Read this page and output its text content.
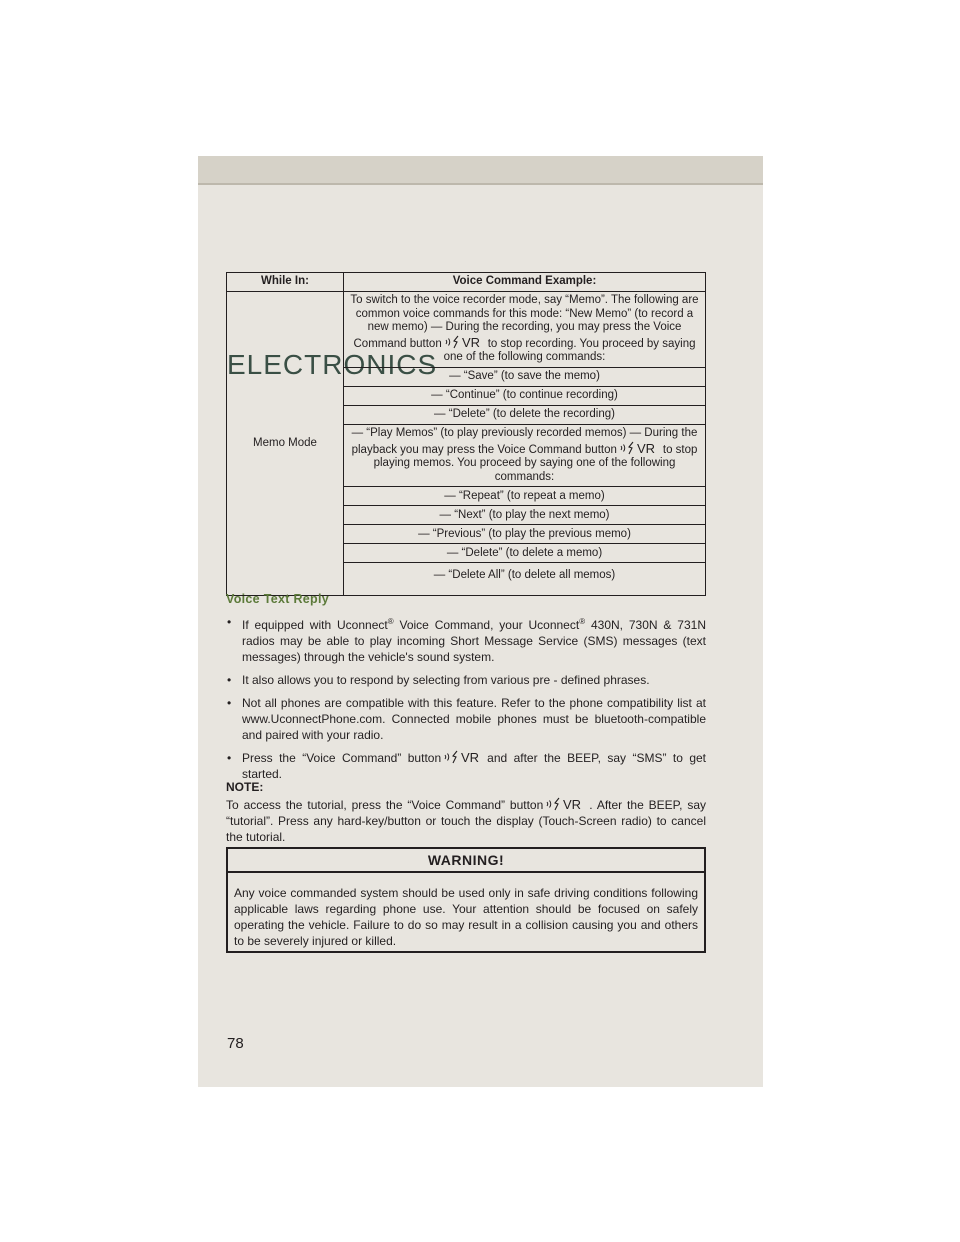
ELECTRONICS
While In:	Voice Command Example:
Memo Mode	To switch to the voice recorder mode, say “Memo”. The following are common voice commands for this mode: “New Memo” (to record a new memo) — During the recording, you may press the Voice Command button VR to stop recording. You proceed by saying one of the following commands:
	— “Save” (to save the memo)
	— “Continue” (to continue recording)
	— “Delete” (to delete the recording)
	— “Play Memos” (to play previously recorded memos) — During the playback you may press the Voice Command button VR to stop playing memos. You proceed by saying one of the following commands:
	— “Repeat” (to repeat a memo)
	— “Next” (to play the next memo)
	— “Previous” (to play the previous memo)
	— “Delete” (to delete a memo)
	— “Delete All” (to delete all memos)
Voice Text Reply
• If equipped with Uconnect® Voice Command, your Uconnect® 430N, 730N & 731N radios may be able to play incoming Short Message Service (SMS) messages (text messages) through the vehicle's sound system.
• It also allows you to respond by selecting from various pre - defined phrases.
• Not all phones are compatible with this feature. Refer to the phone compatibility list at www.UconnectPhone.com. Connected mobile phones must be bluetooth-compatible and paired with your radio.
• Press the “Voice Command” button VR and after the BEEP, say “SMS” to get started.

NOTE:

To access the tutorial, press the “Voice Command” button VR . After the BEEP, say “tutorial”. Press any hard-key/button or touch the display (Touch-Screen radio) to cancel the tutorial.

WARNING!

Any voice commanded system should be used only in safe driving conditions following applicable laws regarding phone use. Your attention should be focused on safely operating the vehicle. Failure to do so may result in a collision causing you and others to be severely injured or killed.

78
